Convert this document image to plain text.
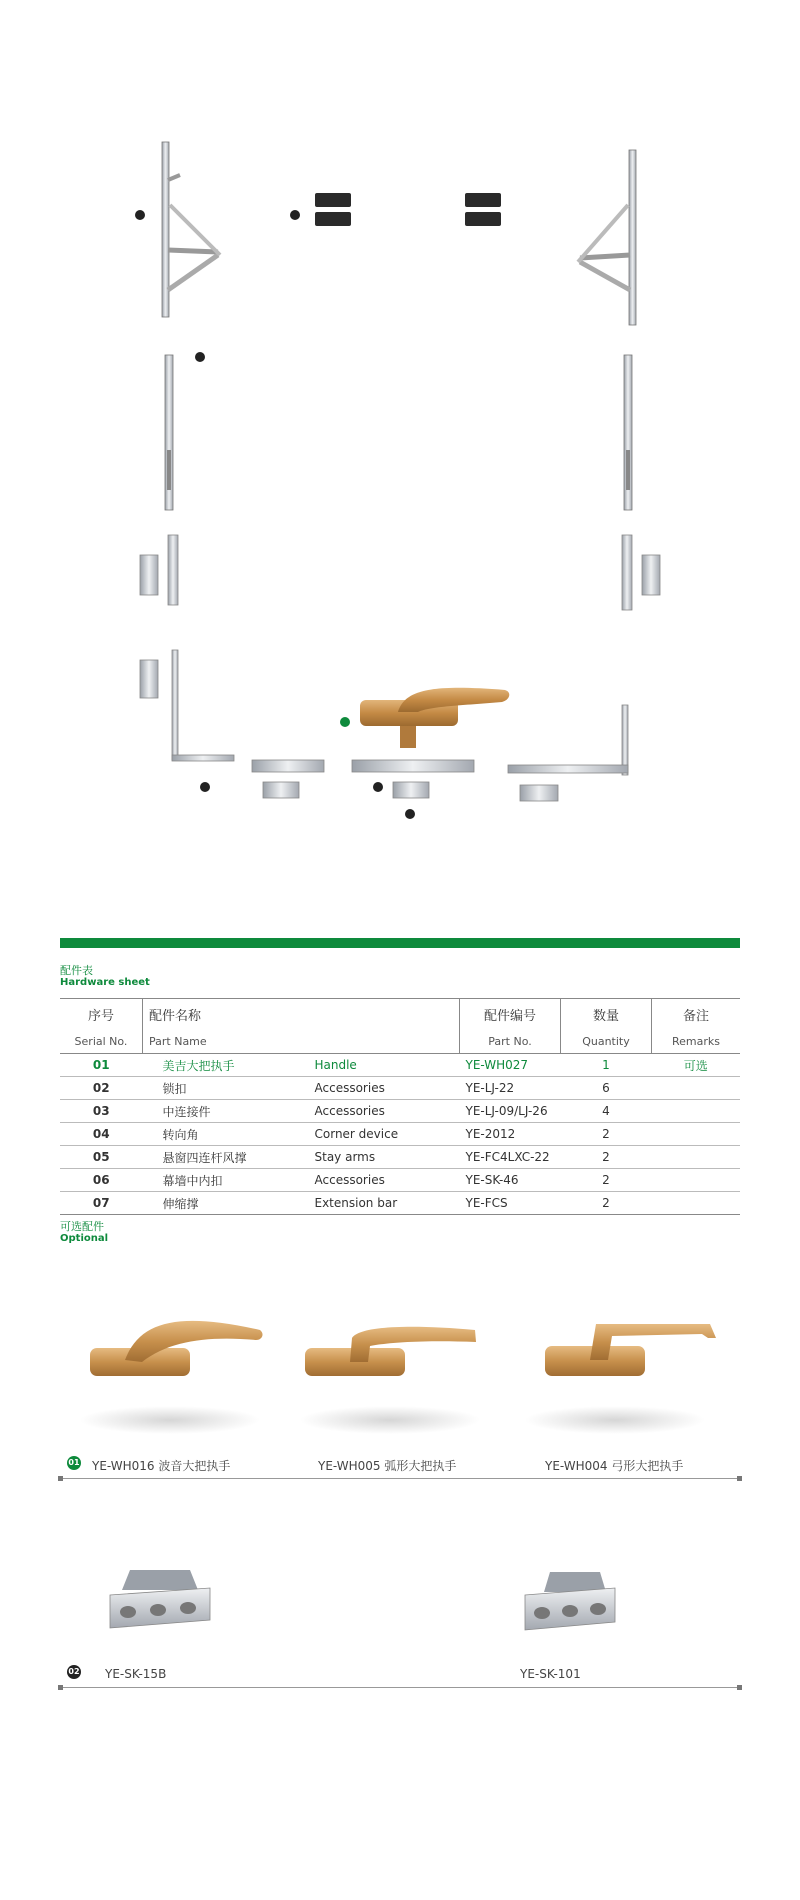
配件表
Hardware sheet
序号	配件名称		配件编号	数量	备注
Serial No.	Part Name		Part No.	Quantity	Remarks
01	美吉大把执手	Handle	YE-WH027	1	可选
02	锁扣	Accessories	YE-LJ-22	6	
03	中连接件	Accessories	YE-LJ-09/LJ-26	4	
04	转向角	Corner device	YE-2012	2	
05	悬窗四连杆风撑	Stay arms	YE-FC4LXC-22	2	
06	幕墙中内扣	Accessories	YE-SK-46	2	
07	伸缩撑	Extension bar	YE-FCS	2	
可选配件
Optional
01 YE-WH016 波音大把执手	YE-WH005 弧形大把执手	YE-WH004 弓形大把执手
02 YE-SK-15B	YE-SK-101
